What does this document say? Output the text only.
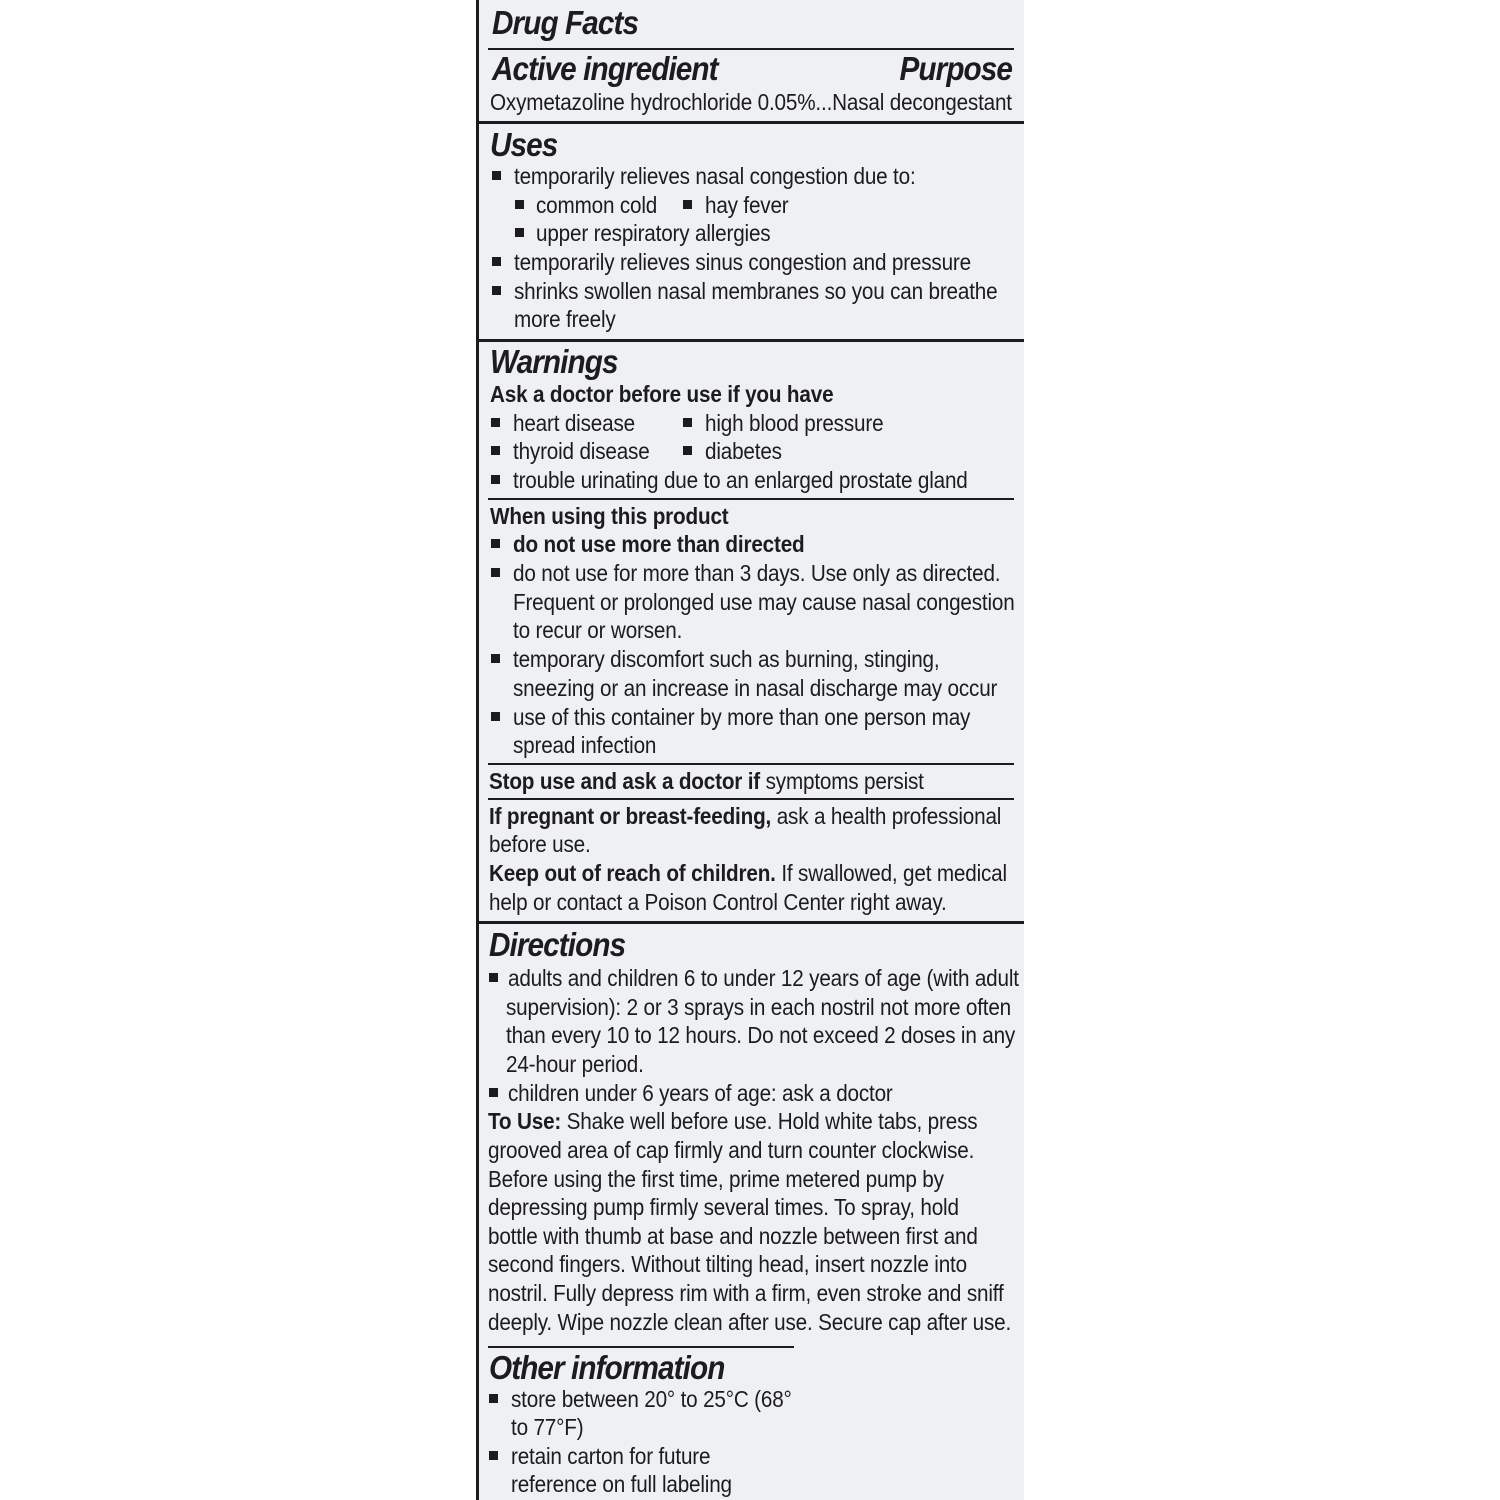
Drug Facts
Active ingredient	Purpose
Oxymetazoline hydrochloride 0.05%...Nasal decongestant
Uses
temporarily relieves nasal congestion due to:
common cold hay fever
upper respiratory allergies
temporarily relieves sinus congestion and pressure
shrinks swollen nasal membranes so you can breathe
more freely
Warnings
Ask a doctor before use if you have
heart disease	high blood pressure
thyroid disease diabetes
trouble urinating due to an enlarged prostate gland
When using this product
do not use more than directed
do not use for more than 3 days. Use only as directed.
Frequent or prolonged use may cause nasal congestion
to recur or worsen.
temporary discomfort such as burning, stinging,
sneezing or an increase in nasal discharge may occur
use of this container by more than one person may
spread infection
Stop use and ask a doctor if symptoms persist
If pregnant or breast-feeding, ask a health professional
before use.
Keep out of reach of children. If swallowed, get medical
help or contact a Poison Control Center right away.
Directions
adults and children 6 to under 12 years of age (with adult
supervision): 2 or 3 sprays in each nostril not more often
than every 10 to 12 hours. Do not exceed 2 doses in any
24-hour period.
children under 6 years of age: ask a doctor
To Use: Shake well before use. Hold white tabs, press
grooved area of cap firmly and turn counter clockwise.
Before using the first time, prime metered pump by
depressing pump firmly several times. To spray, hold
bottle with thumb at base and nozzle between first and
second fingers. Without tilting head, insert nozzle into
nostril. Fully depress rim with a firm, even stroke and sniff
deeply. Wipe nozzle clean after use. Secure cap after use.
Other information
store between 20° to 25°C (68°
to 77°F)
retain carton for future
reference on full labeling
